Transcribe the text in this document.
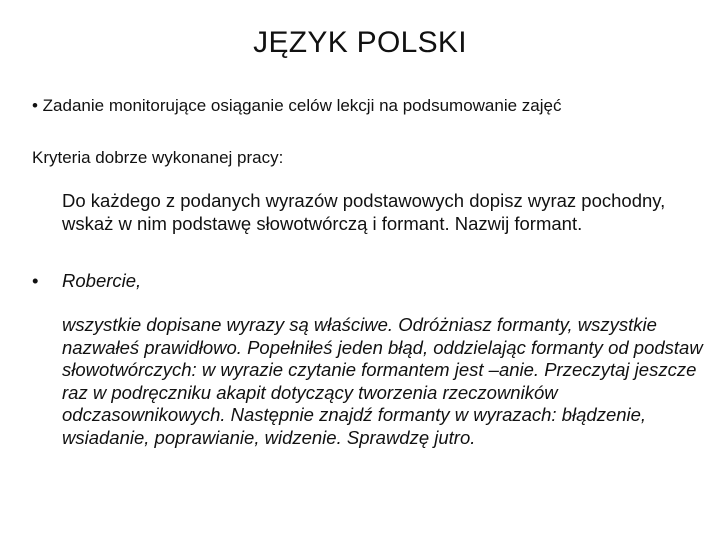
JĘZYK POLSKI
• Zadanie monitorujące osiąganie celów lekcji na podsumowanie zajęć
Kryteria dobrze wykonanej pracy:
Do każdego z podanych wyrazów podstawowych dopisz wyraz pochodny, wskaż w nim podstawę słowotwórczą i formant. Nazwij formant.
• Robercie,
wszystkie dopisane wyrazy są właściwe. Odróżniasz formanty, wszystkie nazwałeś prawidłowo. Popełniłeś jeden błąd, oddzielając formanty od podstaw słowotwórczych: w wyrazie czytanie formantem jest –anie. Przeczytaj jeszcze raz w podręczniku akapit dotyczący tworzenia rzeczowników odczasownikowych. Następnie znajdź formanty w wyrazach: błądzenie, wsiadanie, poprawianie, widzenie. Sprawdzę jutro.
